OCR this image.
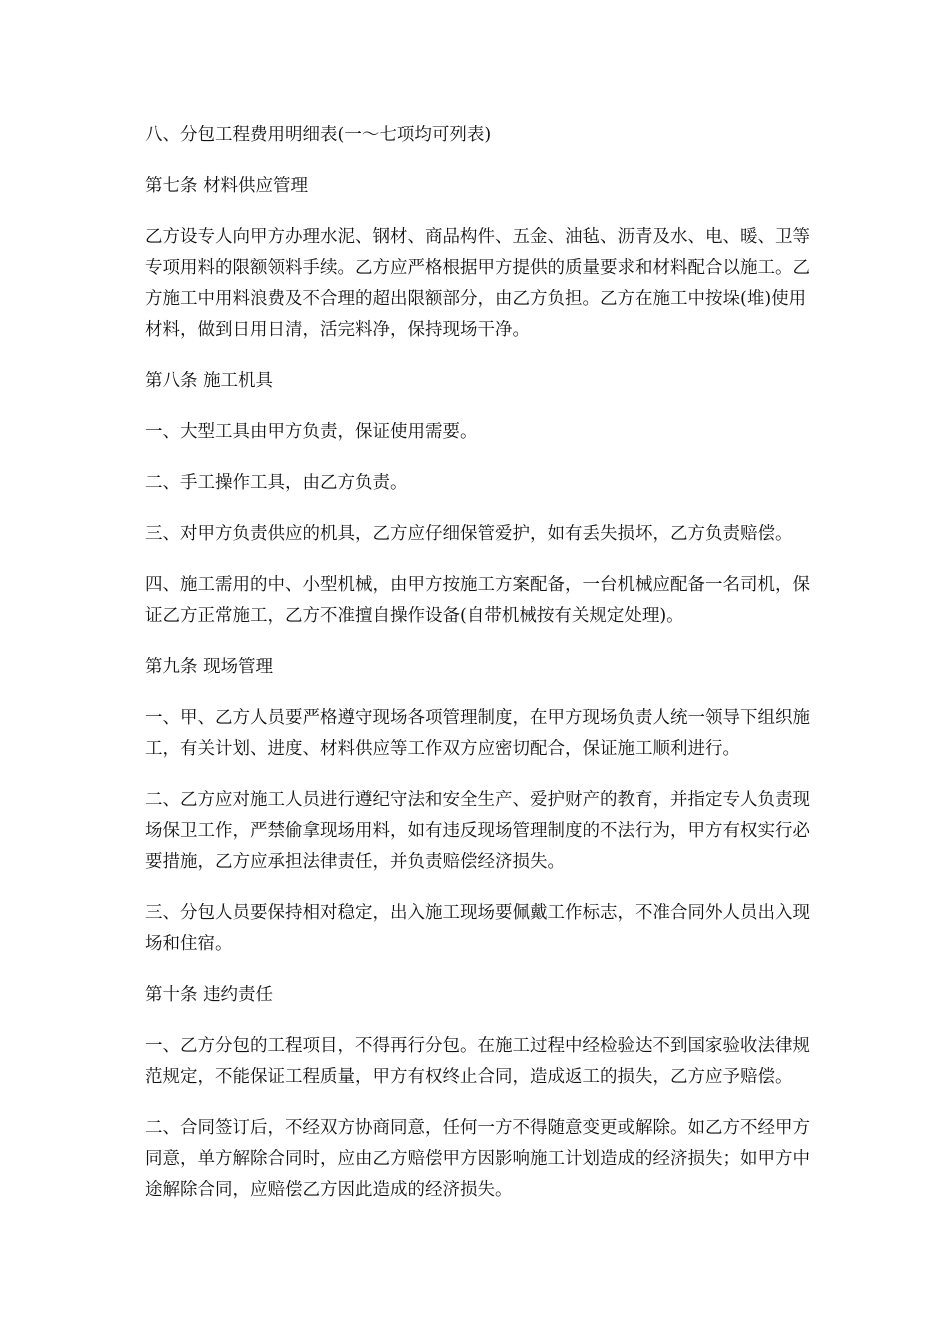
八、分包工程费用明细表(一～七项均可列表)

第七条 材料供应管理

乙方设专人向甲方办理水泥、钢材、商品构件、五金、油毡、沥青及水、电、暖、卫等专项用料的限额领料手续。乙方应严格根据甲方提供的质量要求和材料配合以施工。乙方施工中用料浪费及不合理的超出限额部分，由乙方负担。乙方在施工中按垛(堆)使用材料，做到日用日清，活完料净，保持现场干净。

第八条 施工机具

一、大型工具由甲方负责，保证使用需要。

二、手工操作工具，由乙方负责。

三、对甲方负责供应的机具，乙方应仔细保管爱护，如有丢失损坏，乙方负责赔偿。

四、施工需用的中、小型机械，由甲方按施工方案配备，一台机械应配备一名司机，保证乙方正常施工，乙方不准擅自操作设备(自带机械按有关规定处理)。

第九条 现场管理

一、甲、乙方人员要严格遵守现场各项管理制度，在甲方现场负责人统一领导下组织施工，有关计划、进度、材料供应等工作双方应密切配合，保证施工顺利进行。

二、乙方应对施工人员进行遵纪守法和安全生产、爱护财产的教育，并指定专人负责现场保卫工作，严禁偷拿现场用料，如有违反现场管理制度的不法行为，甲方有权实行必要措施，乙方应承担法律责任，并负责赔偿经济损失。

三、分包人员要保持相对稳定，出入施工现场要佩戴工作标志，不准合同外人员出入现场和住宿。

第十条 违约责任

一、乙方分包的工程项目，不得再行分包。在施工过程中经检验达不到国家验收法律规范规定，不能保证工程质量，甲方有权终止合同，造成返工的损失，乙方应予赔偿。

二、合同签订后，不经双方协商同意，任何一方不得随意变更或解除。如乙方不经甲方同意，单方解除合同时，应由乙方赔偿甲方因影响施工计划造成的经济损失；如甲方中途解除合同，应赔偿乙方因此造成的经济损失。
